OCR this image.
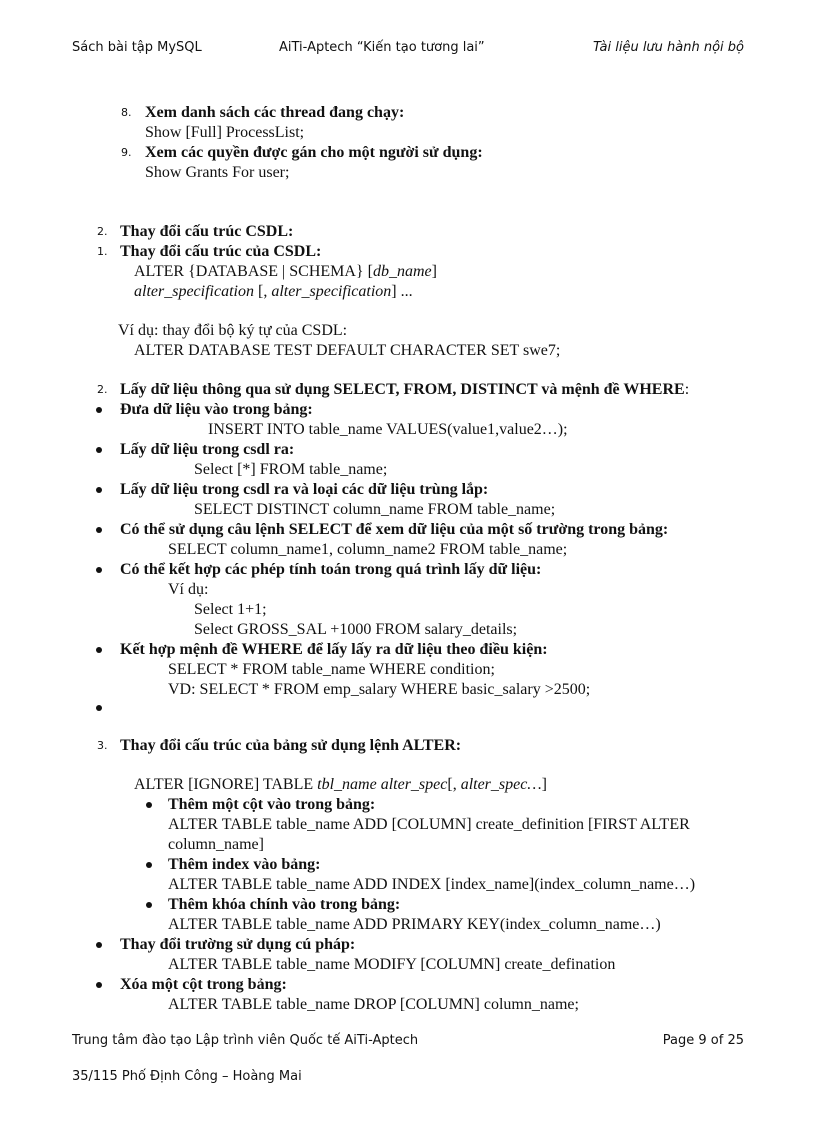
Sách bài tập MySQL	AiTi-Aptech “Kiến tạo tương lai”	Tài liệu lưu hành nội bộ
8. Xem danh sách các thread đang chạy:
Show [Full] ProcessList;
9. Xem các quyền được gán cho một người sử dụng:
Show Grants For user;
2. Thay đổi cấu trúc CSDL:
1. Thay đổi cấu trúc của CSDL:
ALTER {DATABASE | SCHEMA} [db_name]
alter_specification [, alter_specification] ...
Ví dụ: thay đổi bộ ký tự của CSDL:
ALTER DATABASE TEST DEFAULT CHARACTER SET swe7;
2. Lấy dữ liệu thông qua sử dụng SELECT, FROM, DISTINCT và mệnh đề WHERE:
Đưa dữ liệu vào trong bảng:
INSERT INTO table_name VALUES(value1,value2…);
Lấy dữ liệu trong csdl ra:
Select [*] FROM table_name;
Lấy dữ liệu trong csdl ra và loại các dữ liệu trùng lắp:
SELECT DISTINCT column_name FROM table_name;
Có thể sử dụng câu lệnh SELECT để xem dữ liệu của một số trường trong bảng:
SELECT column_name1, column_name2 FROM table_name;
Có thể kết hợp các phép tính toán trong quá trình lấy dữ liệu:
Ví dụ:
Select 1+1;
Select GROSS_SAL +1000 FROM salary_details;
Kết hợp mệnh đề WHERE để lấy lấy ra dữ liệu theo điều kiện:
SELECT * FROM table_name WHERE condition;
VD: SELECT * FROM emp_salary WHERE basic_salary >2500;
3. Thay đổi cấu trúc của bảng sử dụng lệnh ALTER:
ALTER [IGNORE] TABLE tbl_name alter_spec[, alter_spec…]
Thêm một cột vào trong bảng:
ALTER TABLE table_name ADD [COLUMN] create_definition [FIRST ALTER
column_name]
Thêm index vào bảng:
ALTER TABLE table_name ADD INDEX [index_name](index_column_name…)
Thêm khóa chính vào trong bảng:
ALTER TABLE table_name ADD PRIMARY KEY(index_column_name…)
Thay đổi trường sử dụng cú pháp:
ALTER TABLE table_name MODIFY [COLUMN] create_defination
Xóa một cột trong bảng:
ALTER TABLE table_name DROP [COLUMN] column_name;
Trung tâm đào tạo Lập trình viên Quốc tế AiTi-Aptech	Page 9 of 25
35/115 Phố Định Công – Hoàng Mai
